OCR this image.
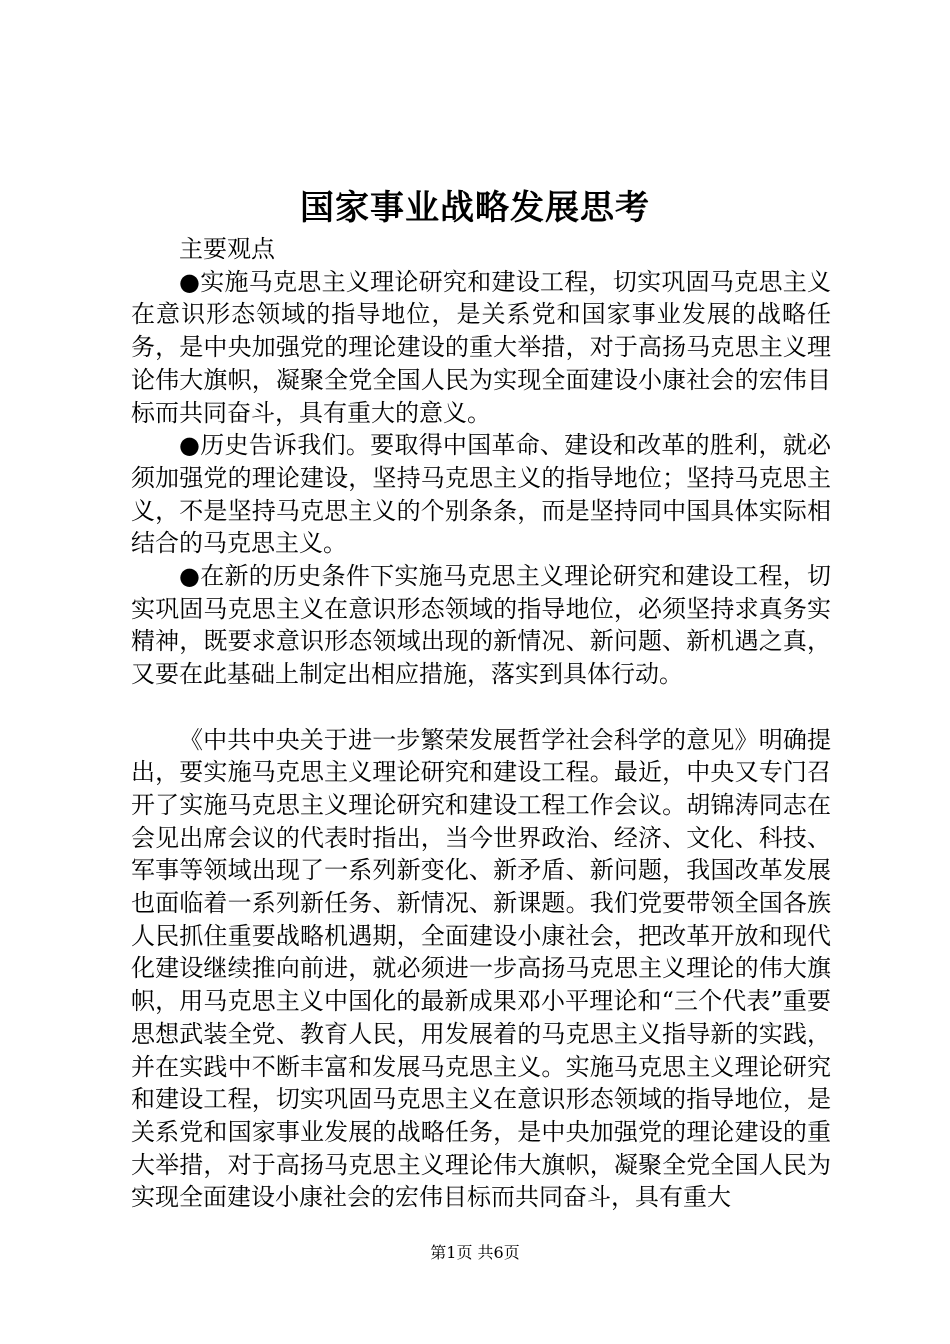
国家事业战略发展思考

主要观点

●实施马克思主义理论研究和建设工程，切实巩固马克思主义在意识形态领域的指导地位，是关系党和国家事业发展的战略任务，是中央加强党的理论建设的重大举措，对于高扬马克思主义理论伟大旗帜，凝聚全党全国人民为实现全面建设小康社会的宏伟目标而共同奋斗，具有重大的意义。

●历史告诉我们。要取得中国革命、建设和改革的胜利，就必须加强党的理论建设，坚持马克思主义的指导地位；坚持马克思主义，不是坚持马克思主义的个别条条，而是坚持同中国具体实际相结合的马克思主义。

●在新的历史条件下实施马克思主义理论研究和建设工程，切实巩固马克思主义在意识形态领域的指导地位，必须坚持求真务实精神，既要求意识形态领域出现的新情况、新问题、新机遇之真，又要在此基础上制定出相应措施，落实到具体行动。

《中共中央关于进一步繁荣发展哲学社会科学的意见》明确提出，要实施马克思主义理论研究和建设工程。最近，中央又专门召开了实施马克思主义理论研究和建设工程工作会议。胡锦涛同志在会见出席会议的代表时指出，当今世界政治、经济、文化、科技、军事等领域出现了一系列新变化、新矛盾、新问题，我国改革发展也面临着一系列新任务、新情况、新课题。我们党要带领全国各族人民抓住重要战略机遇期，全面建设小康社会，把改革开放和现代化建设继续推向前进，就必须进一步高扬马克思主义理论的伟大旗帜，用马克思主义中国化的最新成果邓小平理论和“三个代表”重要思想武装全党、教育人民，用发展着的马克思主义指导新的实践，并在实践中不断丰富和发展马克思主义。实施马克思主义理论研究和建设工程，切实巩固马克思主义在意识形态领域的指导地位，是关系党和国家事业发展的战略任务，是中央加强党的理论建设的重大举措，对于高扬马克思主义理论伟大旗帜，凝聚全党全国人民为实现全面建设小康社会的宏伟目标而共同奋斗，具有重大

第1页 共6页
